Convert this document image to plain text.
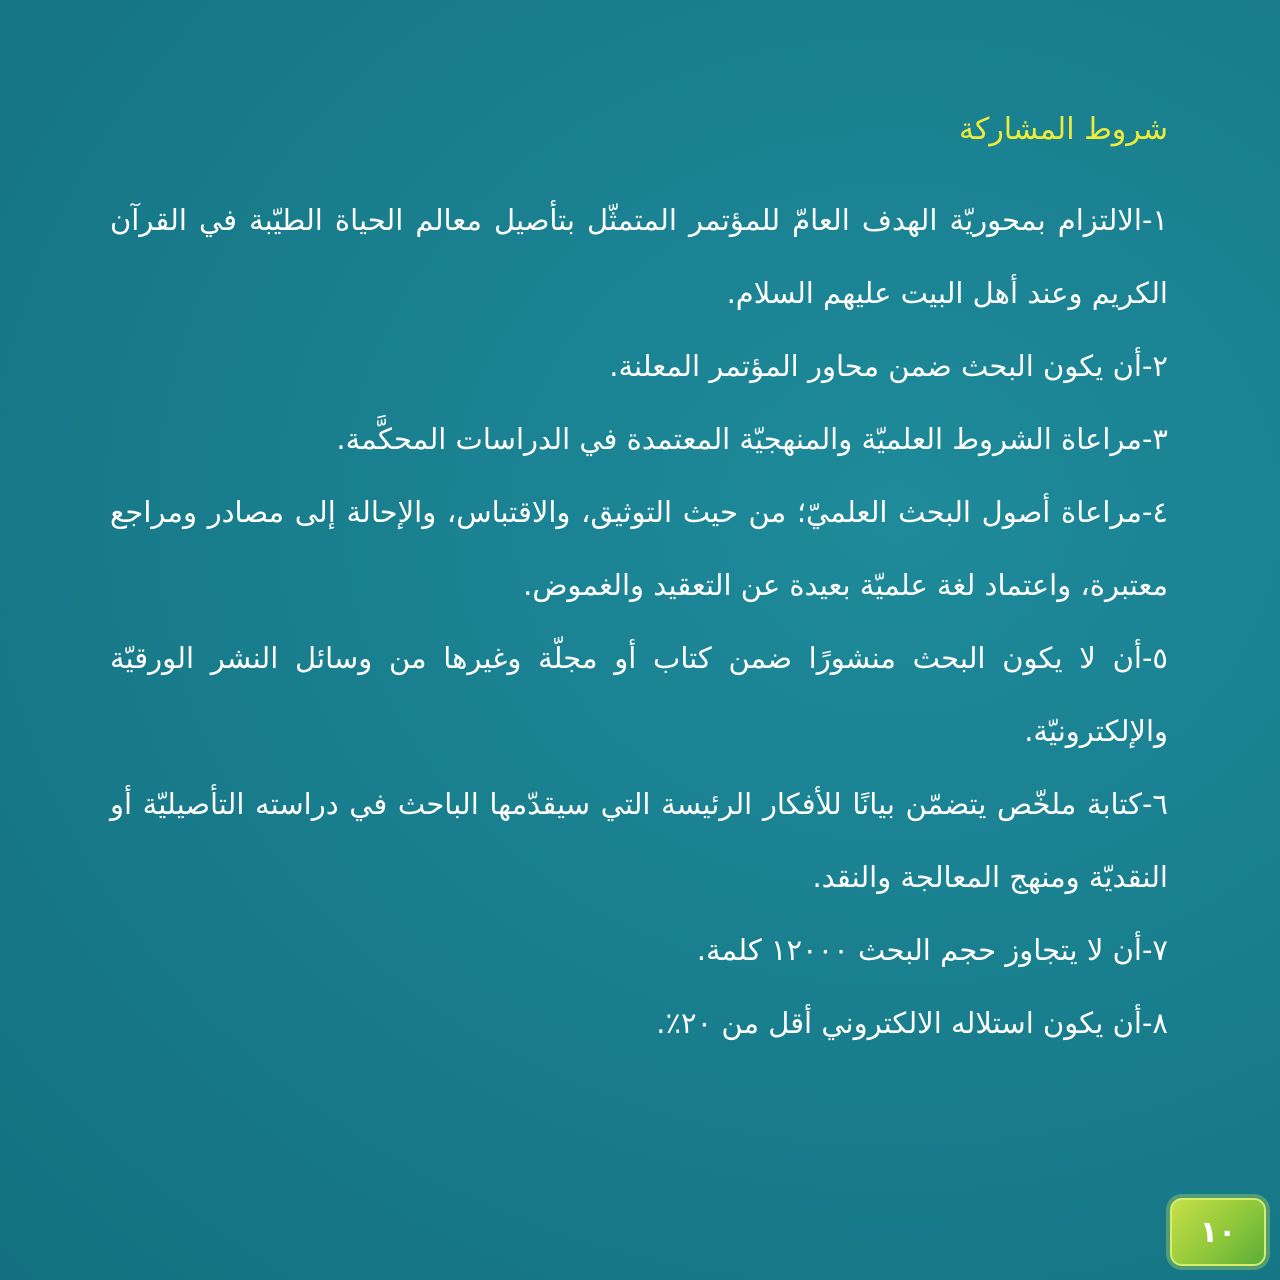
شروط المشاركة
١-الالتزام بمحوريّة الهدف العامّ للمؤتمر المتمثّل بتأصيل معالم الحياة الطيّبة في القرآن الكريم وعند أهل البيت عليهم السلام.
٢-أن يكون البحث ضمن محاور المؤتمر المعلنة.
٣-مراعاة الشروط العلميّة والمنهجيّة المعتمدة في الدراسات المحكَّمة.
٤-مراعاة أصول البحث العلميّ؛ من حيث التوثيق، والاقتباس، والإحالة إلى مصادر ومراجع معتبرة، واعتماد لغة علميّة بعيدة عن التعقيد والغموض.
٥-أن لا يكون البحث منشورًا ضمن كتاب أو مجلّة وغيرها من وسائل النشر الورقيّة والإلكترونيّة.
٦-كتابة ملخّص يتضمّن بيانًا للأفكار الرئيسة التي سيقدّمها الباحث في دراسته التأصيليّة أو النقديّة ومنهج المعالجة والنقد.
٧-أن لا يتجاوز حجم البحث ١٢٠٠٠ كلمة.
٨-أن يكون استلاله الالكتروني أقل من ٢٠٪.
١٠
